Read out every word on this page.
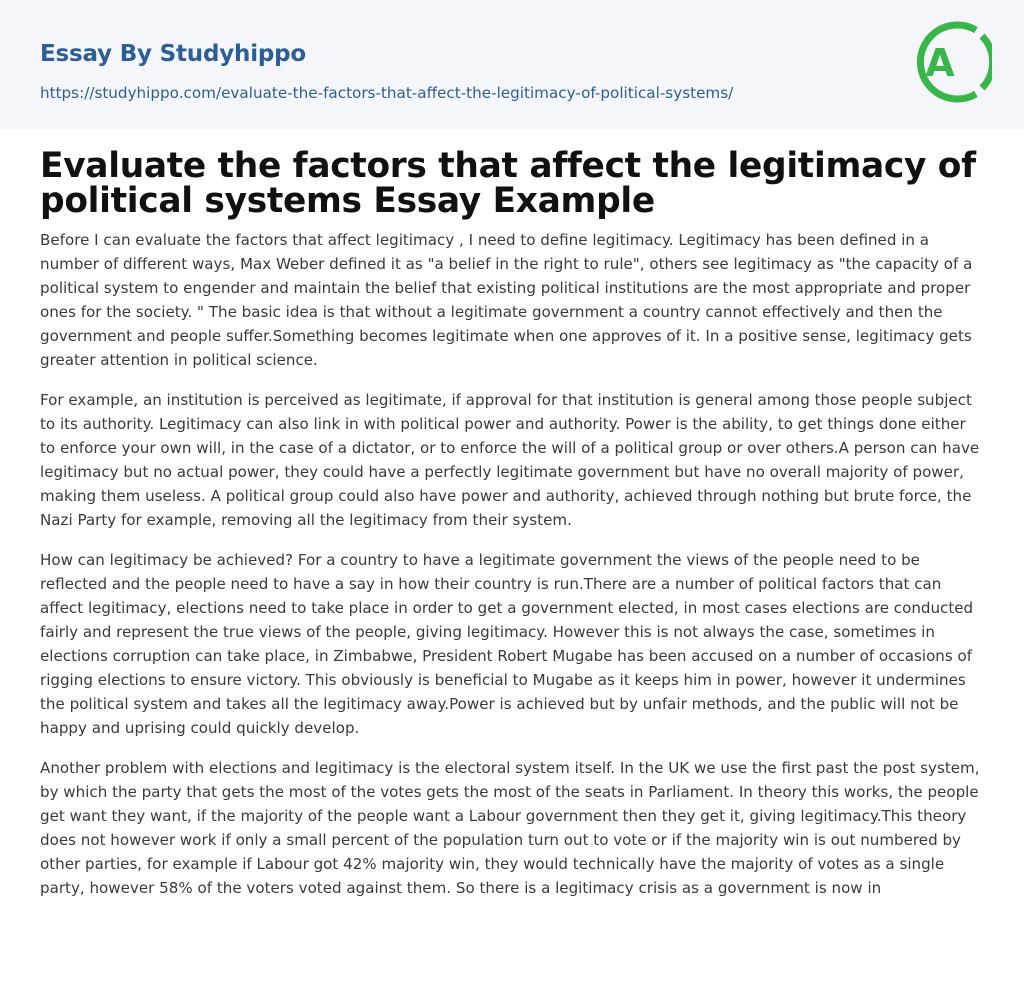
Essay By Studyhippo
https://studyhippo.com/evaluate-the-factors-that-affect-the-legitimacy-of-political-systems/
A
Evaluate the factors that affect the legitimacy of political systems Essay Example

Before I can evaluate the factors that affect legitimacy , I need to define legitimacy. Legitimacy has been defined in a number of different ways, Max Weber defined it as "a belief in the right to rule", others see legitimacy as "the capacity of a political system to engender and maintain the belief that existing political institutions are the most appropriate and proper ones for the society. " The basic idea is that without a legitimate government a country cannot effectively and then the government and people suffer.Something becomes legitimate when one approves of it. In a positive sense, legitimacy gets greater attention in political science.

For example, an institution is perceived as legitimate, if approval for that institution is general among those people subject to its authority. Legitimacy can also link in with political power and authority. Power is the ability, to get things done either to enforce your own will, in the case of a dictator, or to enforce the will of a political group or over others.A person can have legitimacy but no actual power, they could have a perfectly legitimate government but have no overall majority of power, making them useless. A political group could also have power and authority, achieved through nothing but brute force, the Nazi Party for example, removing all the legitimacy from their system.

How can legitimacy be achieved? For a country to have a legitimate government the views of the people need to be reflected and the people need to have a say in how their country is run.There are a number of political factors that can affect legitimacy, elections need to take place in order to get a government elected, in most cases elections are conducted fairly and represent the true views of the people, giving legitimacy. However this is not always the case, sometimes in elections corruption can take place, in Zimbabwe, President Robert Mugabe has been accused on a number of occasions of rigging elections to ensure victory. This obviously is beneficial to Mugabe as it keeps him in power, however it undermines the political system and takes all the legitimacy away.Power is achieved but by unfair methods, and the public will not be happy and uprising could quickly develop.

Another problem with elections and legitimacy is the electoral system itself. In the UK we use the first past the post system, by which the party that gets the most of the votes gets the most of the seats in Parliament. In theory this works, the people get want they want, if the majority of the people want a Labour government then they get it, giving legitimacy.This theory does not however work if only a small percent of the population turn out to vote or if the majority win is out numbered by other parties, for example if Labour got 42% majority win, they would technically have the majority of votes as a single party, however 58% of the voters voted against them. So there is a legitimacy crisis as a government is now in
